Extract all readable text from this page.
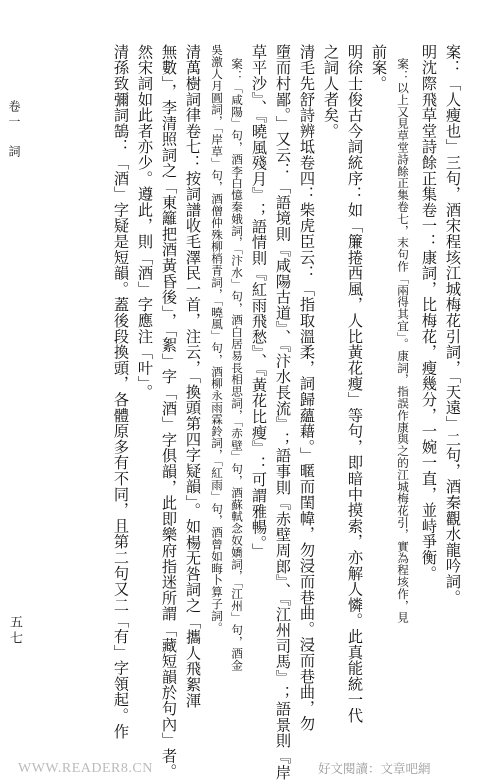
案：「人瘦也」三句，酒宋程垓江城梅花引詞，「天遠」二句，酒秦觀水龍吟詞。
明沈際飛草堂詩餘正集卷一：康詞，比梅花，瘦幾分，一婉一直，並峙爭衡。
案：以上又見草堂詩餘正集卷七，末句作「兩得其宜」。康詞，指誤作康與之的江城梅花引，實為程垓作，見
前案。
明徐士俊古今詞統序：如「簾捲西風，人比黃花瘦」等句，即暗中摸索，亦解人憐。此真能統一代
之詞人者矣。
清毛先舒詩辨坻卷四：柴虎臣云：「指取溫柔，詞歸蘊藉。」暱而閨幃，勿浸而巷曲。浸而巷曲，勿
墮而村鄙。」又云：「語境則『咸陽古道』、『汴水長流』；語事則『赤壁周郎』、『江州司馬』；語景則『岸
草平沙』、『曉風殘月』；語情則『紅雨飛愁』、『黃花比瘦』：可謂雅暢。」
案：「咸陽」句，酒李白憶秦娥詞，「汴水」句，酒白居易長相思詞，「赤壁」句，酒蘇軾念奴嬌詞，「江州」句，酒金
吳激人月圓詞，「岸草」句，酒僧仲殊柳梢青詞，「曉風」句，酒柳永雨霖鈴詞，「紅雨」句，酒曾如晦卜算子詞。
清萬樹詞律卷七：按詞譜收毛澤民一首，注云，「換頭第四字疑韻」。如楊无咎詞之「攜人飛絮渾
無數」，李清照詞之「東籬把酒黃昏後」，「絮」字「酒」字俱韻，此即樂府指迷所謂「藏短韻於句內」者。
然宋詞如此者亦少。遵此，則「酒」字應注「叶」。
清孫致彌詞鵠：「酒」字疑是短韻。蓋後段換頭，各體原多有不同，且第二句又二「有」字領起。作
卷一　詞
五七
WWW.READER8.CN	好文閱讀：文章吧網
